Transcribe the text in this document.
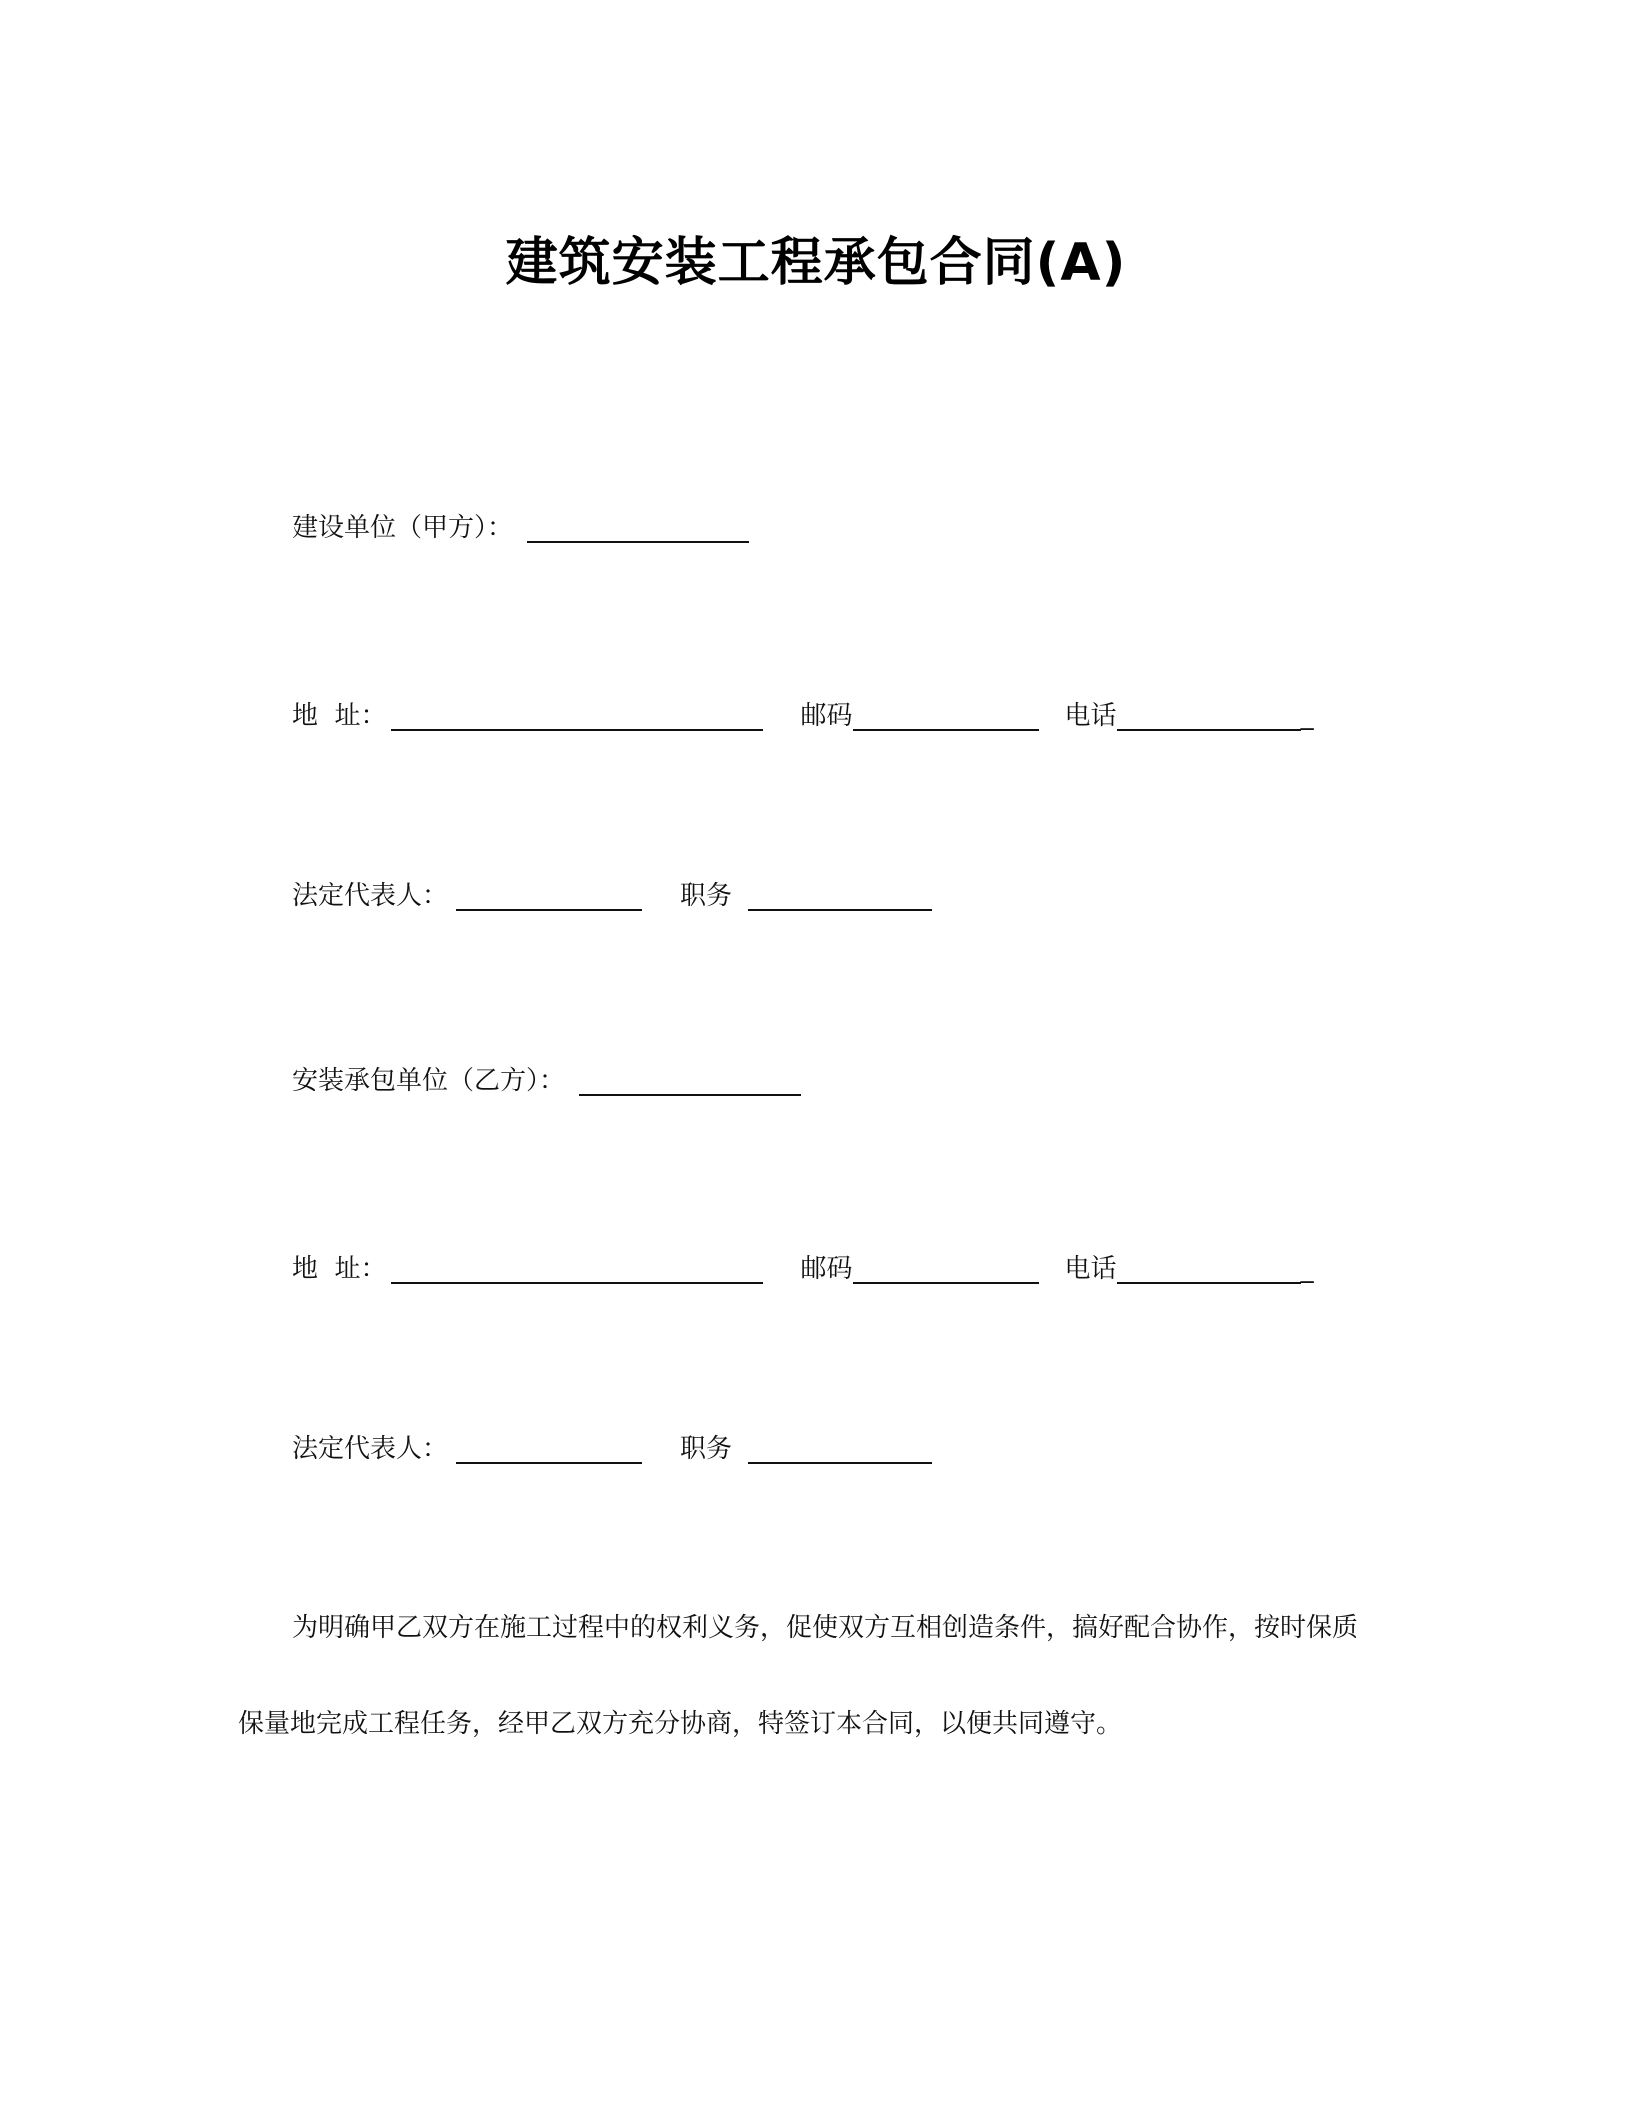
建筑安装工程承包合同(A)
建设单位（甲方）：
地  址：	邮码	电话	_
法定代表人：	职务
安装承包单位（乙方）：
地  址：	邮码	电话	_
法定代表人：	职务
为明确甲乙双方在施工过程中的权利义务，促使双方互相创造条件，搞好配合协作，按时保质
保量地完成工程任务，经甲乙双方充分协商，特签订本合同，以便共同遵守。
